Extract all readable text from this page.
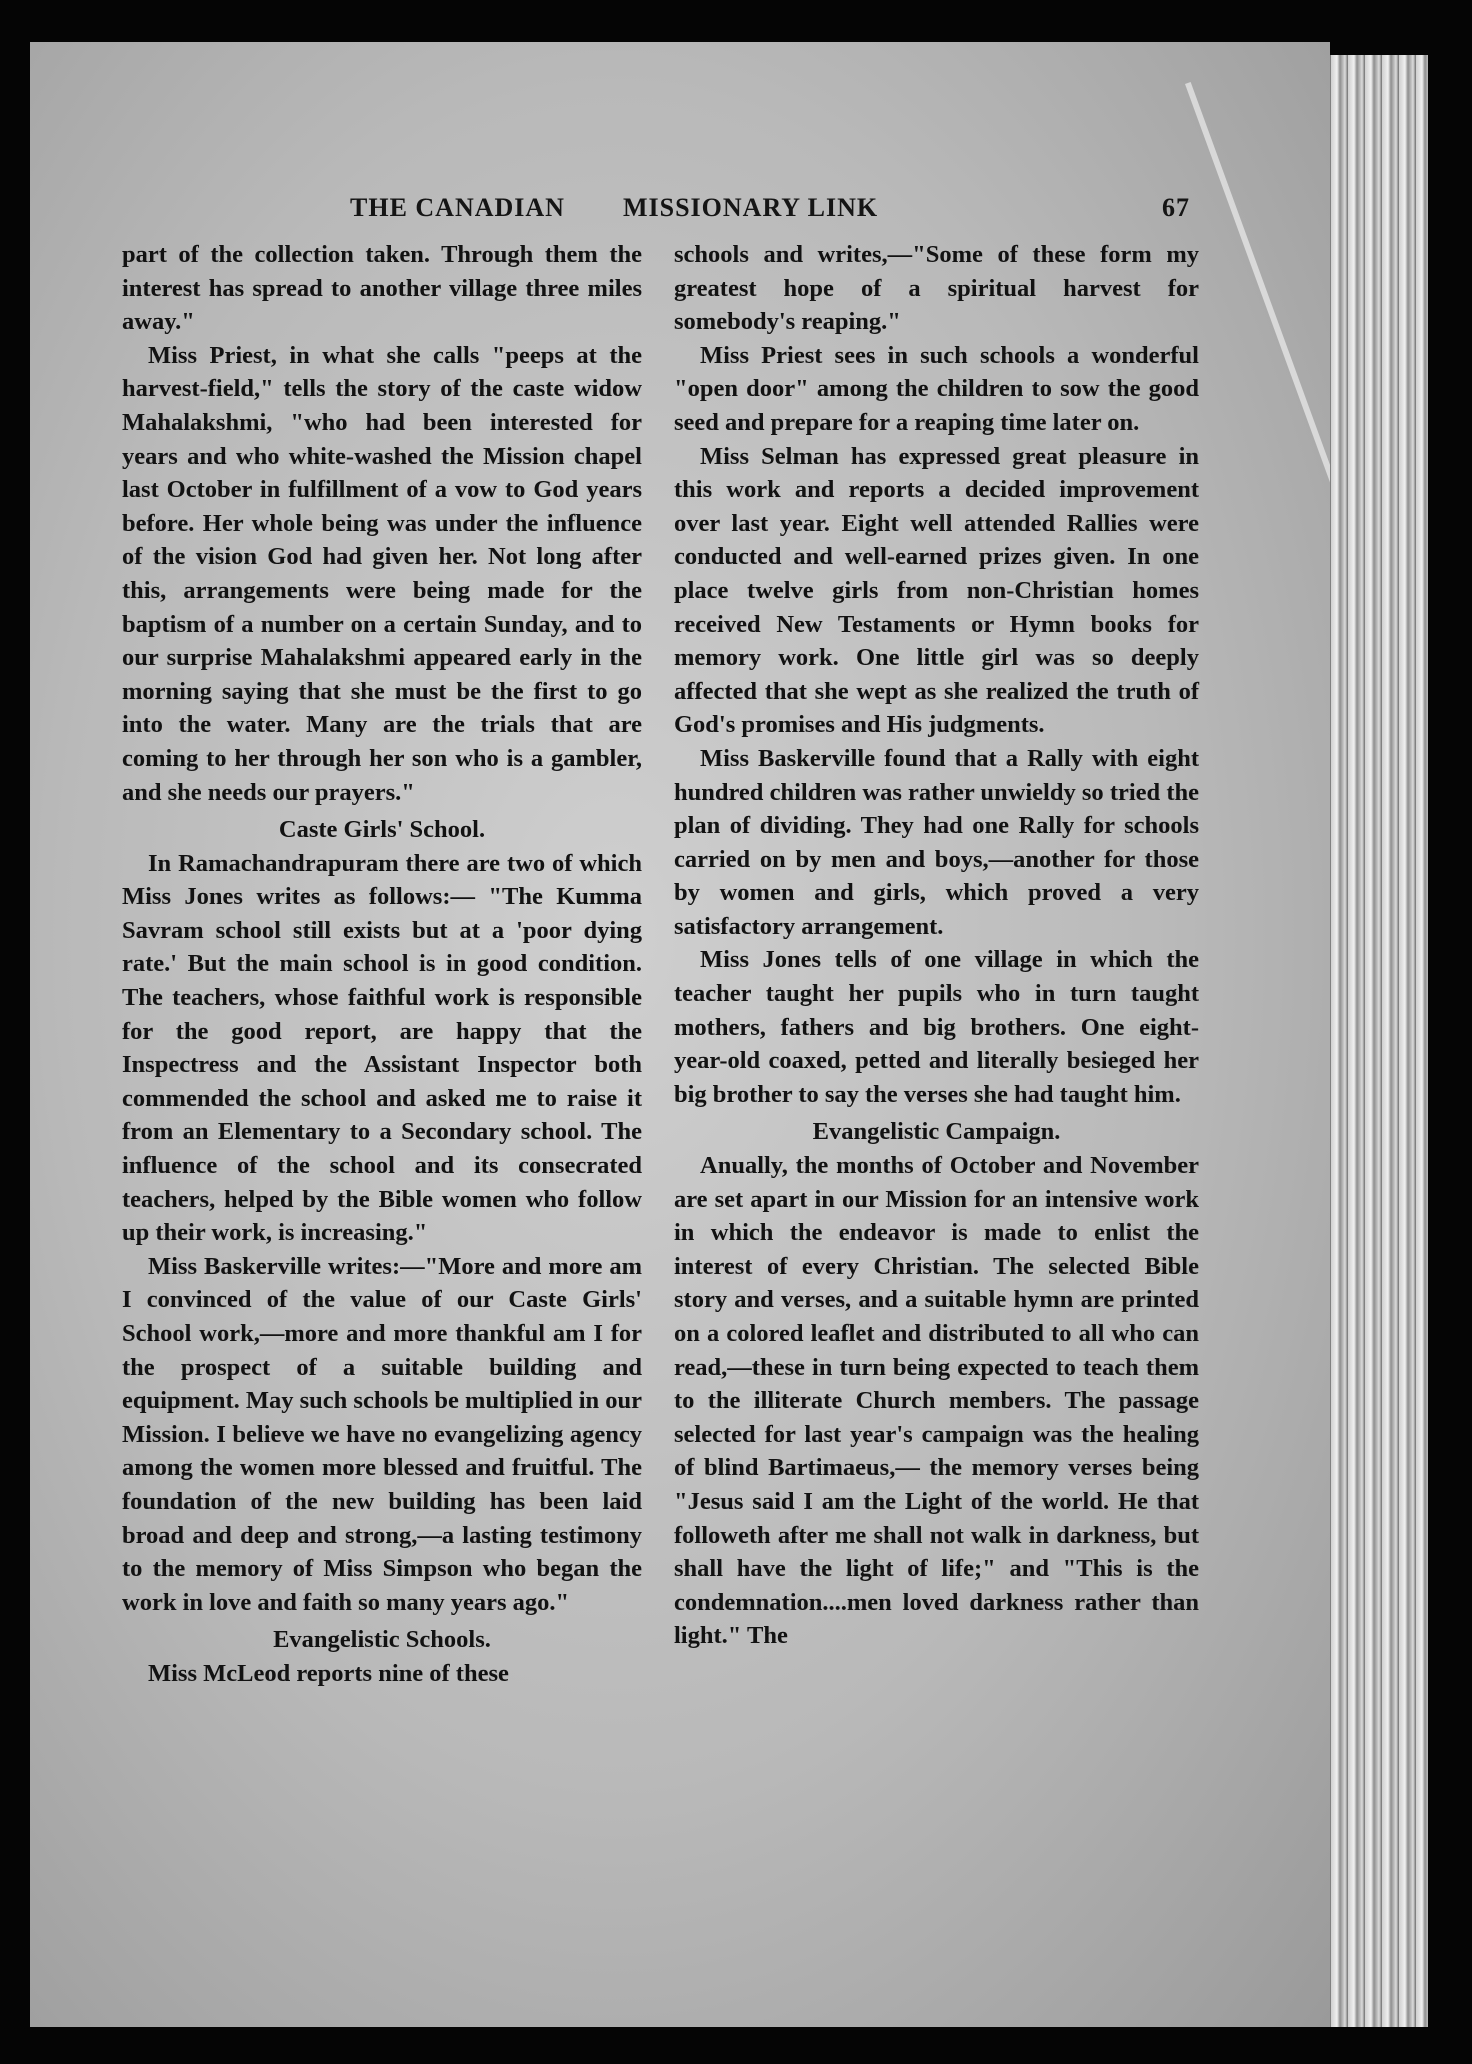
THE CANADIAN MISSIONARY LINK	67

part of the collection taken. Through them the interest has spread to another village three miles away."

Miss Priest, in what she calls "peeps at the harvest-field," tells the story of the caste widow Mahalakshmi, "who had been interested for years and who white-washed the Mission chapel last October in fulfillment of a vow to God years before. Her whole being was under the influence of the vision God had given her. Not long after this, arrangements were being made for the baptism of a number on a certain Sunday, and to our surprise Mahalakshmi appeared early in the morning saying that she must be the first to go into the water. Many are the trials that are coming to her through her son who is a gambler, and she needs our prayers."

Caste Girls' School.

In Ramachandrapuram there are two of which Miss Jones writes as follows:— "The Kumma Savram school still exists but at a 'poor dying rate.' But the main school is in good condition. The teachers, whose faithful work is responsible for the good report, are happy that the Inspectress and the Assistant Inspector both commended the school and asked me to raise it from an Elementary to a Secondary school. The influence of the school and its consecrated teachers, helped by the Bible women who follow up their work, is increasing."

Miss Baskerville writes:—"More and more am I convinced of the value of our Caste Girls' School work,—more and more thankful am I for the prospect of a suitable building and equipment. May such schools be multiplied in our Mission. I believe we have no evangelizing agency among the women more blessed and fruitful. The foundation of the new building has been laid broad and deep and strong,—a lasting testimony to the memory of Miss Simpson who began the work in love and faith so many years ago."

Evangelistic Schools.

Miss McLeod reports nine of these

schools and writes,—"Some of these form my greatest hope of a spiritual harvest for somebody's reaping."

Miss Priest sees in such schools a wonderful "open door" among the children to sow the good seed and prepare for a reaping time later on.

Miss Selman has expressed great pleasure in this work and reports a decided improvement over last year. Eight well attended Rallies were conducted and well-earned prizes given. In one place twelve girls from non-Christian homes received New Testaments or Hymn books for memory work. One little girl was so deeply affected that she wept as she realized the truth of God's promises and His judgments.

Miss Baskerville found that a Rally with eight hundred children was rather unwieldy so tried the plan of dividing. They had one Rally for schools carried on by men and boys,—another for those by women and girls, which proved a very satisfactory arrangement.

Miss Jones tells of one village in which the teacher taught her pupils who in turn taught mothers, fathers and big brothers. One eight-year-old coaxed, petted and literally besieged her big brother to say the verses she had taught him.

Evangelistic Campaign.

Anually, the months of October and November are set apart in our Mission for an intensive work in which the endeavor is made to enlist the interest of every Christian. The selected Bible story and verses, and a suitable hymn are printed on a colored leaflet and distributed to all who can read,—these in turn being expected to teach them to the illiterate Church members. The passage selected for last year's campaign was the healing of blind Bartimaeus,— the memory verses being "Jesus said I am the Light of the world. He that followeth after me shall not walk in darkness, but shall have the light of life;" and "This is the condemnation....men loved darkness rather than light." The
